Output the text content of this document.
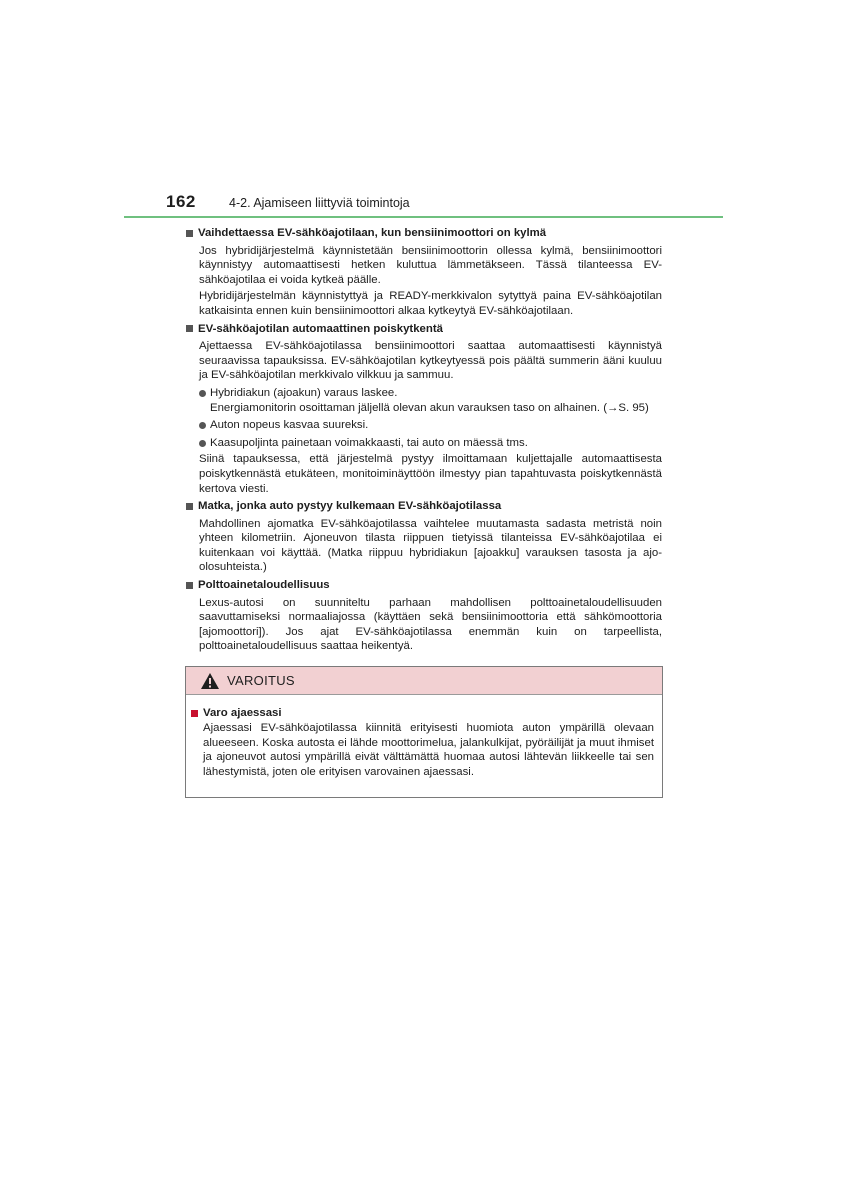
162	4-2. Ajamiseen liittyviä toimintoja
Vaihdettaessa EV-sähköajotilaan, kun bensiinimoottori on kylmä
Jos hybridijärjestelmä käynnistetään bensiinimoottorin ollessa kylmä, bensiinimoottori käynnistyy automaattisesti hetken kuluttua lämmetäkseen. Tässä tilanteessa EV-sähköajotilaa ei voida kytkeä päälle.
Hybridijärjestelmän käynnistyttyä ja READY-merkkivalon sytyttyä paina EV-sähköajotilan katkaisinta ennen kuin bensiinimoottori alkaa kytkeytyä EV-sähköajotilaan.
EV-sähköajotilan automaattinen poiskytkentä
Ajettaessa EV-sähköajotilassa bensiinimoottori saattaa automaattisesti käynnistyä seuraavissa tapauksissa. EV-sähköajotilan kytkeytyessä pois päältä summerin ääni kuuluu ja EV-sähköajotilan merkkivalo vilkkuu ja sammuu.
Hybridiakun (ajoakun) varaus laskee.
Energiamonitorin osoittaman jäljellä olevan akun varauksen taso on alhainen. (→S. 95)
Auton nopeus kasvaa suureksi.
Kaasupoljinta painetaan voimakkaasti, tai auto on mäessä tms.
Siinä tapauksessa, että järjestelmä pystyy ilmoittamaan kuljettajalle automaattisesta poiskytkennästä etukäteen, monitoiminäyttöön ilmestyy pian tapahtuvasta poiskytkennästä kertova viesti.
Matka, jonka auto pystyy kulkemaan EV-sähköajotilassa
Mahdollinen ajomatka EV-sähköajotilassa vaihtelee muutamasta sadasta metristä noin yhteen kilometriin. Ajoneuvon tilasta riippuen tietyissä tilanteissa EV-sähköajotilaa ei kuitenkaan voi käyttää. (Matka riippuu hybridiakun [ajoakku] varauksen tasosta ja ajo-olosuhteista.)
Polttoainetaloudellisuus
Lexus-autosi on suunniteltu parhaan mahdollisen polttoainetaloudellisuuden saavuttamiseksi normaaliajossa (käyttäen sekä bensiinimoottoria että sähkömoottoria [ajomoottori]). Jos ajat EV-sähköajotilassa enemmän kuin on tarpeellista, polttoainetaloudellisuus saattaa heikentyä.
VAROITUS
Varo ajaessasi
Ajaessasi EV-sähköajotilassa kiinnitä erityisesti huomiota auton ympärillä olevaan alueeseen. Koska autosta ei lähde moottorimelua, jalankulkijat, pyöräilijät ja muut ihmiset ja ajoneuvot autosi ympärillä eivät välttämättä huomaa autosi lähtevän liikkeelle tai sen lähestymistä, joten ole erityisen varovainen ajaessasi.
